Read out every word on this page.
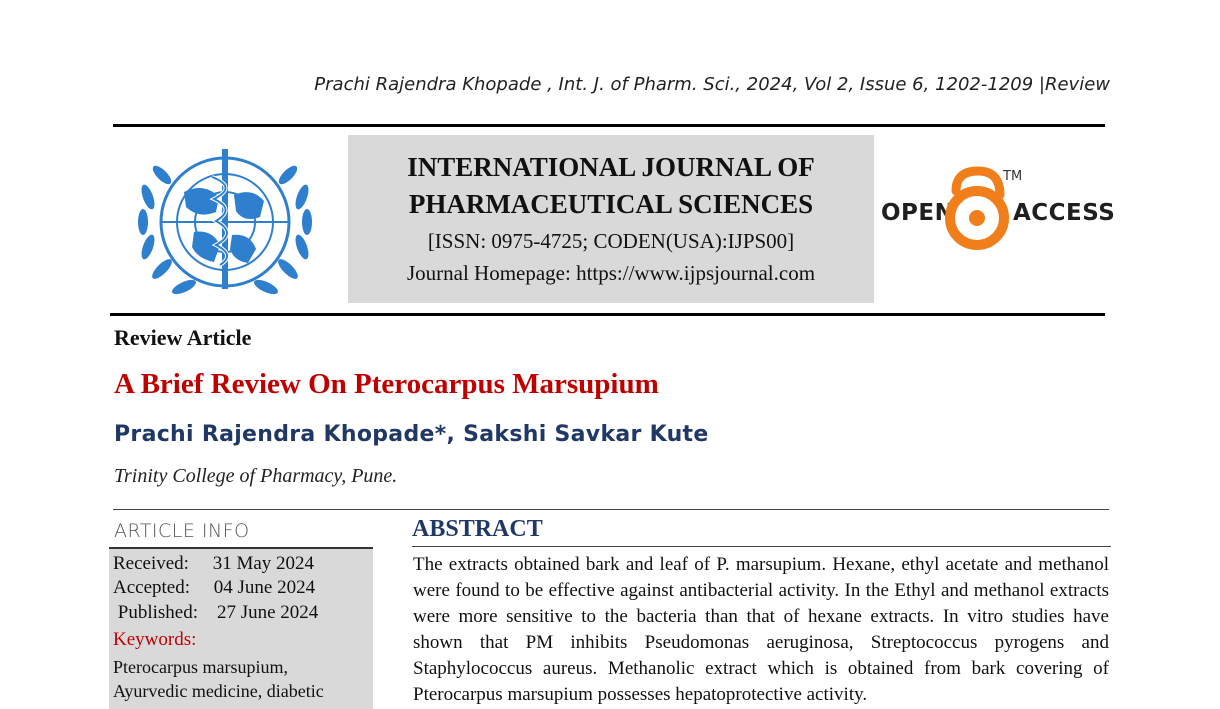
Prachi Rajendra Khopade , Int. J. of Pharm. Sci., 2024, Vol 2, Issue 6, 1202-1209 |Review
INTERNATIONAL JOURNAL OF
PHARMACEUTICAL SCIENCES
[ISSN: 0975-4725; CODEN(USA):IJPS00]
Journal Homepage: https://www.ijpsjournal.com
OPEN	ACCESS
TM
Review Article
A Brief Review On Pterocarpus Marsupium
Prachi Rajendra Khopade*, Sakshi Savkar Kute
Trinity College of Pharmacy, Pune.
ARTICLE INFO
Received:     31 May 2024
Accepted:     04 June 2024
Published:    27 June 2024
Keywords:
Pterocarpus marsupium, Ayurvedic medicine, diabetic
ABSTRACT
The extracts obtained bark and leaf of P. marsupium. Hexane, ethyl acetate and methanol were found to be effective against antibacterial activity. In the Ethyl and methanol extracts were more sensitive to the bacteria than that of hexane extracts. In vitro studies have shown that PM inhibits Pseudomonas aeruginosa, Streptococcus pyrogens and Staphylococcus aureus. Methanolic extract which is obtained from bark covering of Pterocarpus marsupium possesses hepatoprotective activity.
